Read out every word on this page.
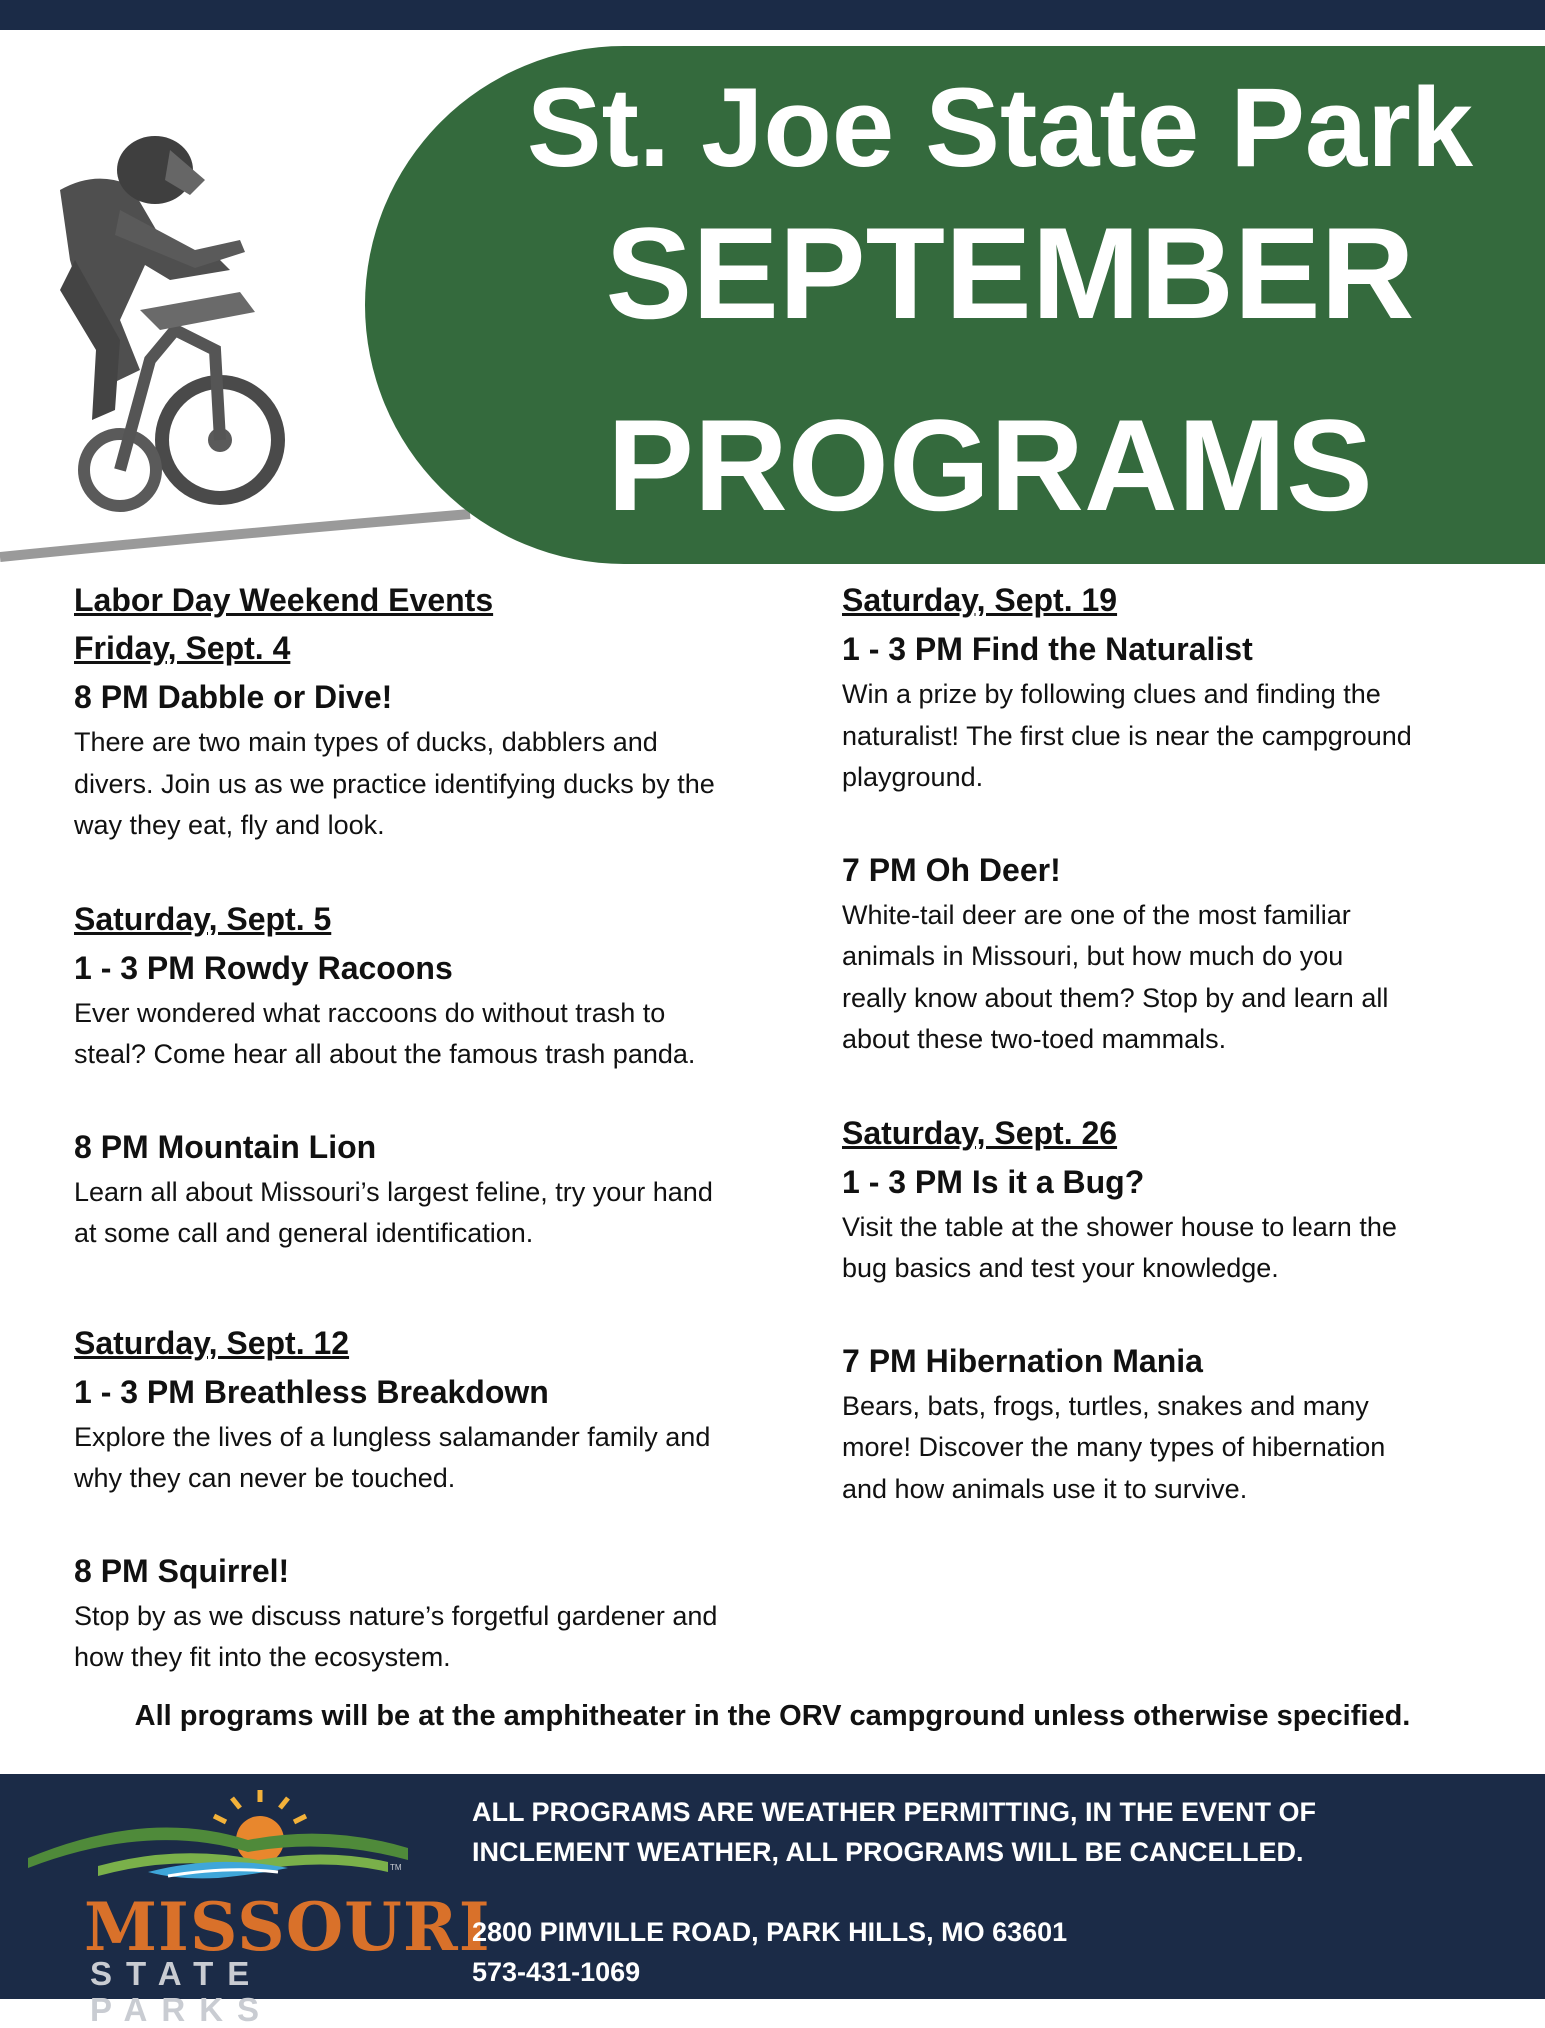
St. Joe State Park
SEPTEMBER
PROGRAMS
Labor Day Weekend Events
Friday, Sept. 4
8 PM Dabble or Dive!
There are two main types of ducks, dabblers and
divers. Join us as we practice identifying ducks by the
way they eat, fly and look.
Saturday, Sept. 5
1 - 3 PM Rowdy Racoons
Ever wondered what raccoons do without trash to
steal? Come hear all about the famous trash panda.
8 PM Mountain Lion
Learn all about Missouri’s largest feline, try your hand
at some call and general identification.
Saturday, Sept. 12
1 - 3 PM Breathless Breakdown
Explore the lives of a lungless salamander family and
why they can never be touched.
8 PM Squirrel!
Stop by as we discuss nature’s forgetful gardener and
how they fit into the ecosystem.
Saturday, Sept. 19
1 - 3 PM Find the Naturalist
Win a prize by following clues and finding the
naturalist! The first clue is near the campground
playground.
7 PM Oh Deer!
White-tail deer are one of the most familiar
animals in Missouri, but how much do you
really know about them? Stop by and learn all
about these two-toed mammals.
Saturday, Sept. 26
1 - 3 PM Is it a Bug?
Visit the table at the shower house to learn the
bug basics and test your knowledge.
7 PM Hibernation Mania
Bears, bats, frogs, turtles, snakes and many
more! Discover the many types of hibernation
and how animals use it to survive.
All programs will be at the amphitheater in the ORV campground unless otherwise specified.
TM
MISSOURI
STATE PARKS
ALL PROGRAMS ARE WEATHER PERMITTING, IN THE EVENT OF
INCLEMENT WEATHER, ALL PROGRAMS WILL BE CANCELLED.
2800 PIMVILLE ROAD, PARK HILLS, MO 63601
573-431-1069
